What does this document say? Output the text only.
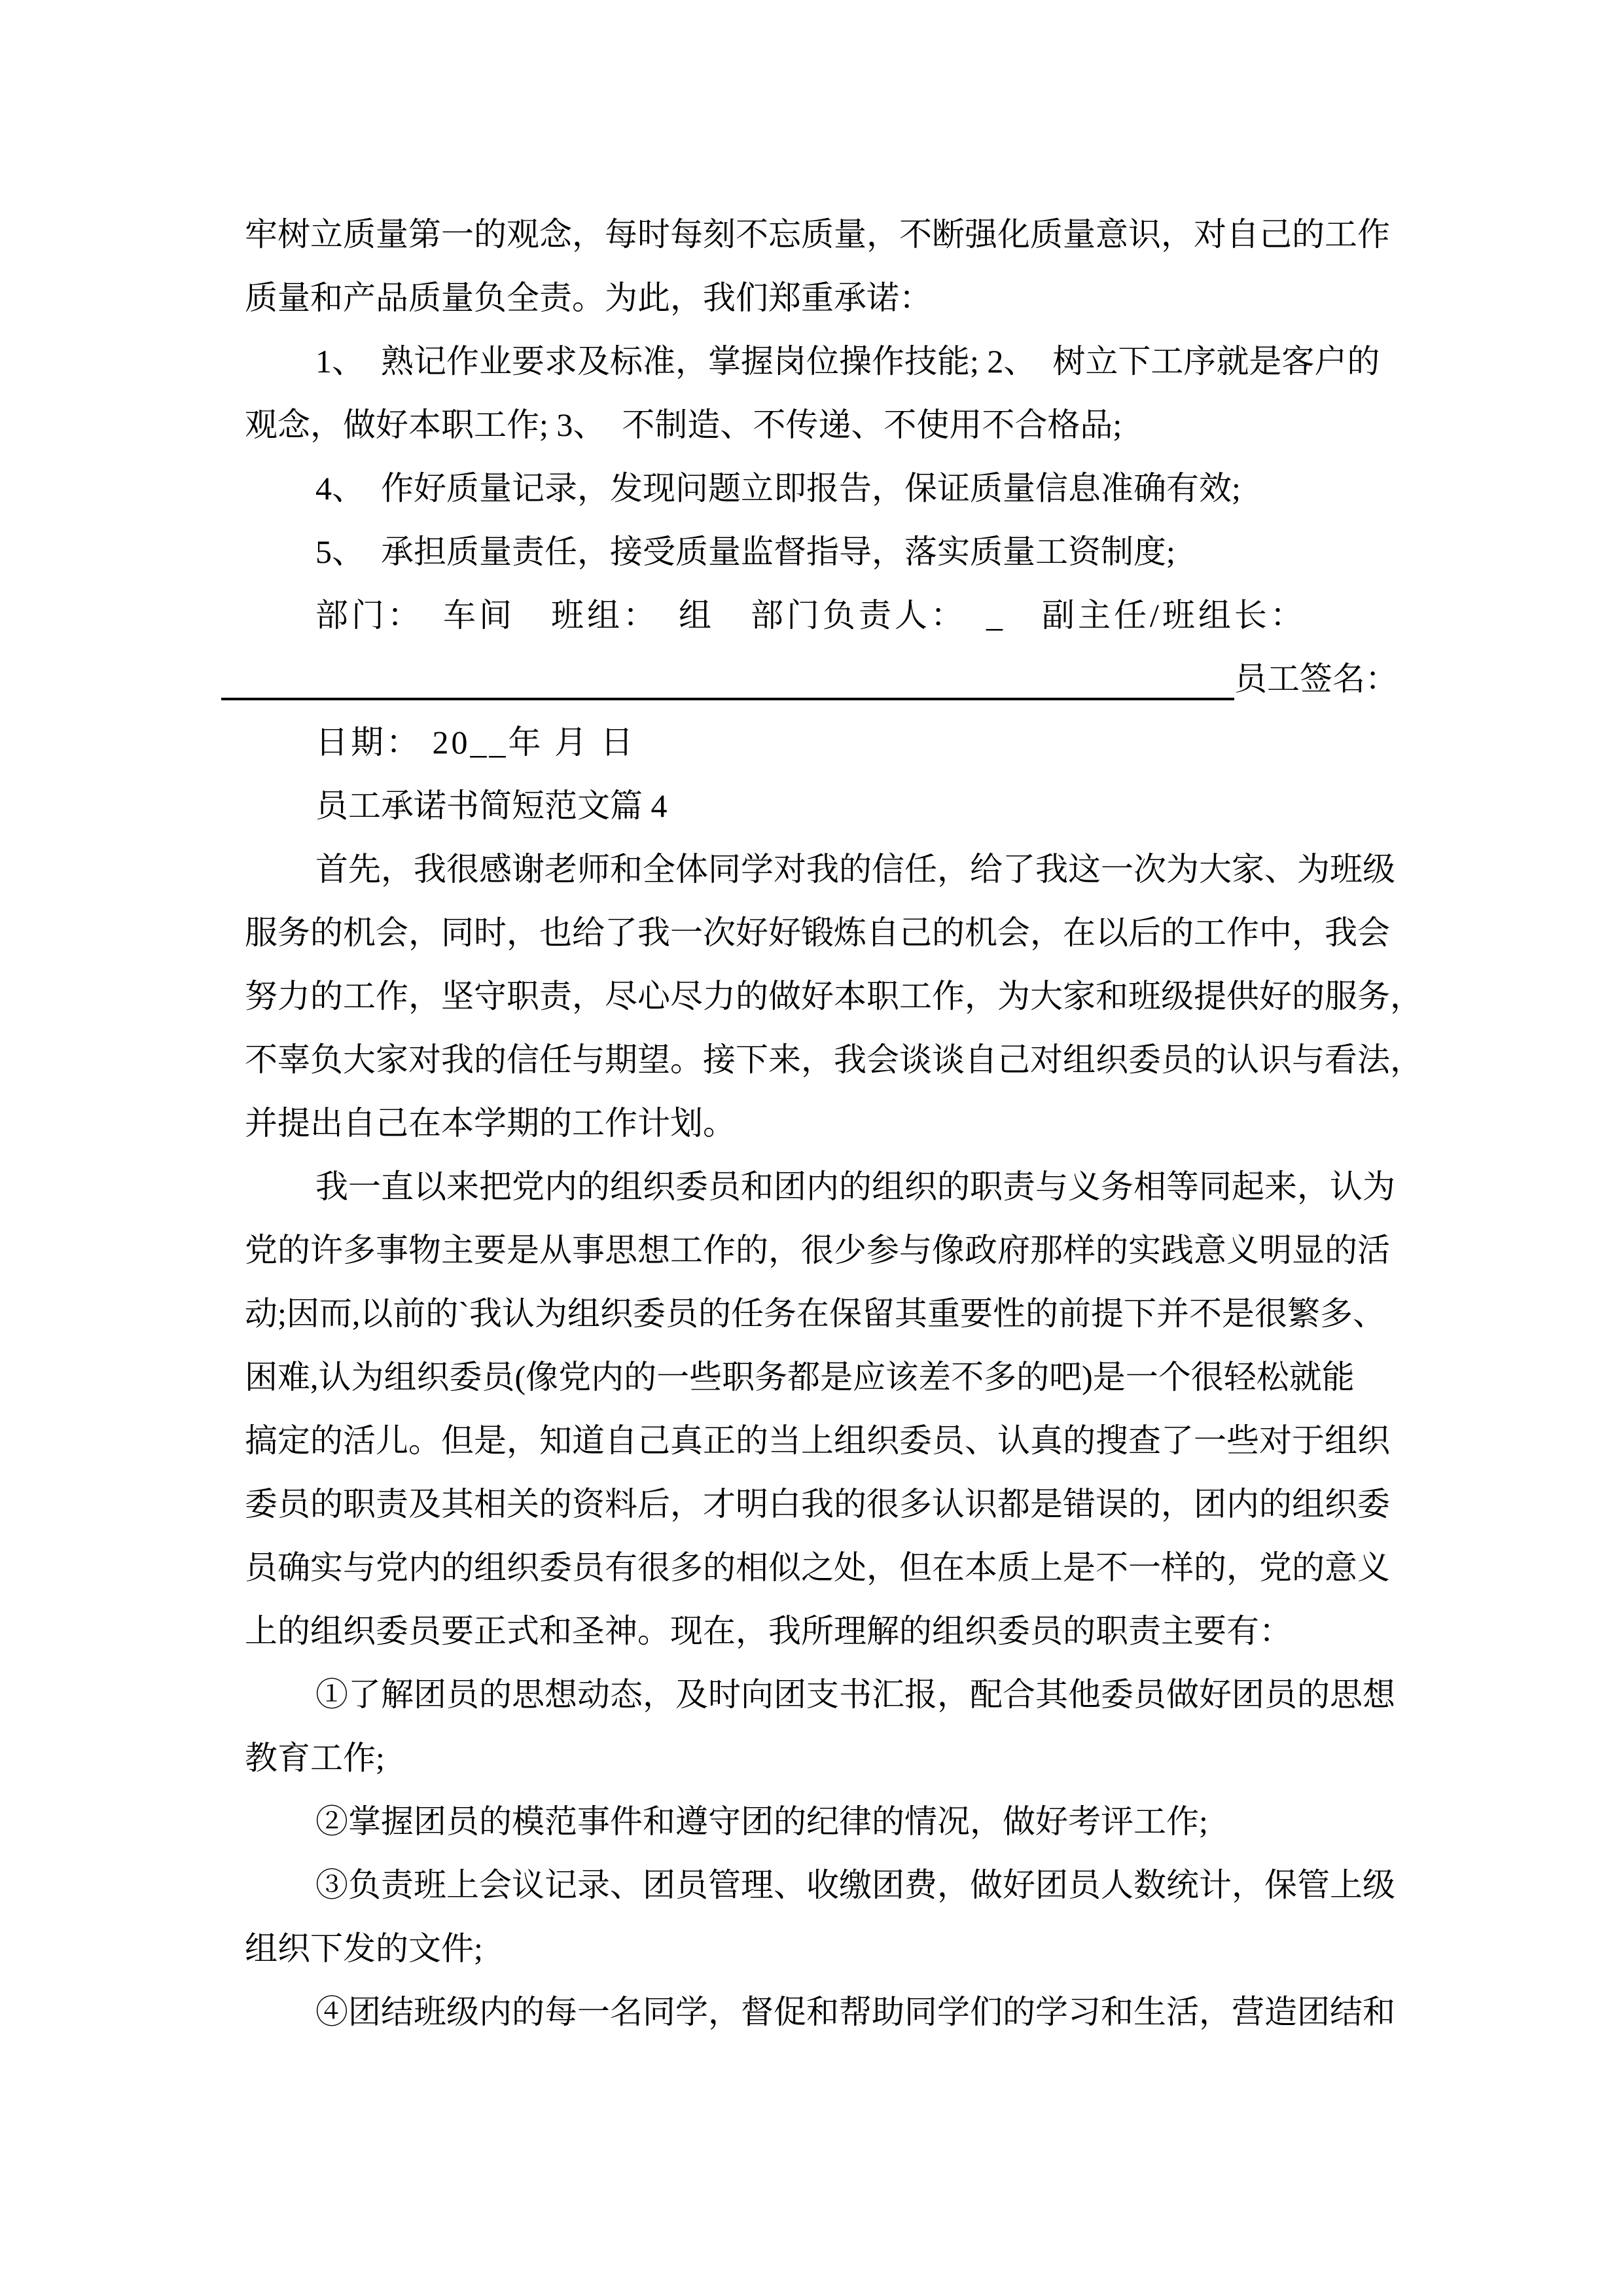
牢树立质量第一的观念，每时每刻不忘质量，不断强化质量意识，对自己的工作
质量和产品质量负全责。为此，我们郑重承诺：
1、　熟记作业要求及标准，掌握岗位操作技能; 2、　树立下工序就是客户的
观念，做好本职工作; 3、　不制造、不传递、不使用不合格品;
4、　作好质量记录，发现问题立即报告，保证质量信息准确有效;
5、　承担质量责任，接受质量监督指导，落实质量工资制度;
部门：　车间　班组：　组　部门负责人：　_　副主任/班组长：
员工签名：
日期： 20__年 月 日
员工承诺书简短范文篇 4
首先，我很感谢老师和全体同学对我的信任，给了我这一次为大家、为班级
服务的机会，同时，也给了我一次好好锻炼自己的机会，在以后的工作中，我会
努力的工作，坚守职责，尽心尽力的做好本职工作，为大家和班级提供好的服务，
不辜负大家对我的信任与期望。接下来，我会谈谈自己对组织委员的认识与看法，
并提出自己在本学期的工作计划。
我一直以来把党内的组织委员和团内的组织的职责与义务相等同起来，认为
党的许多事物主要是从事思想工作的，很少参与像政府那样的实践意义明显的活
动;因而,以前的`我认为组织委员的任务在保留其重要性的前提下并不是很繁多、
困难,认为组织委员(像党内的一些职务都是应该差不多的吧)是一个很轻松就能
搞定的活儿。但是，知道自己真正的当上组织委员、认真的搜查了一些对于组织
委员的职责及其相关的资料后，才明白我的很多认识都是错误的，团内的组织委
员确实与党内的组织委员有很多的相似之处，但在本质上是不一样的，党的意义
上的组织委员要正式和圣神。现在，我所理解的组织委员的职责主要有：
①了解团员的思想动态，及时向团支书汇报，配合其他委员做好团员的思想
教育工作;
②掌握团员的模范事件和遵守团的纪律的情况，做好考评工作;
③负责班上会议记录、团员管理、收缴团费，做好团员人数统计，保管上级
组织下发的文件;
④团结班级内的每一名同学，督促和帮助同学们的学习和生活，营造团结和
